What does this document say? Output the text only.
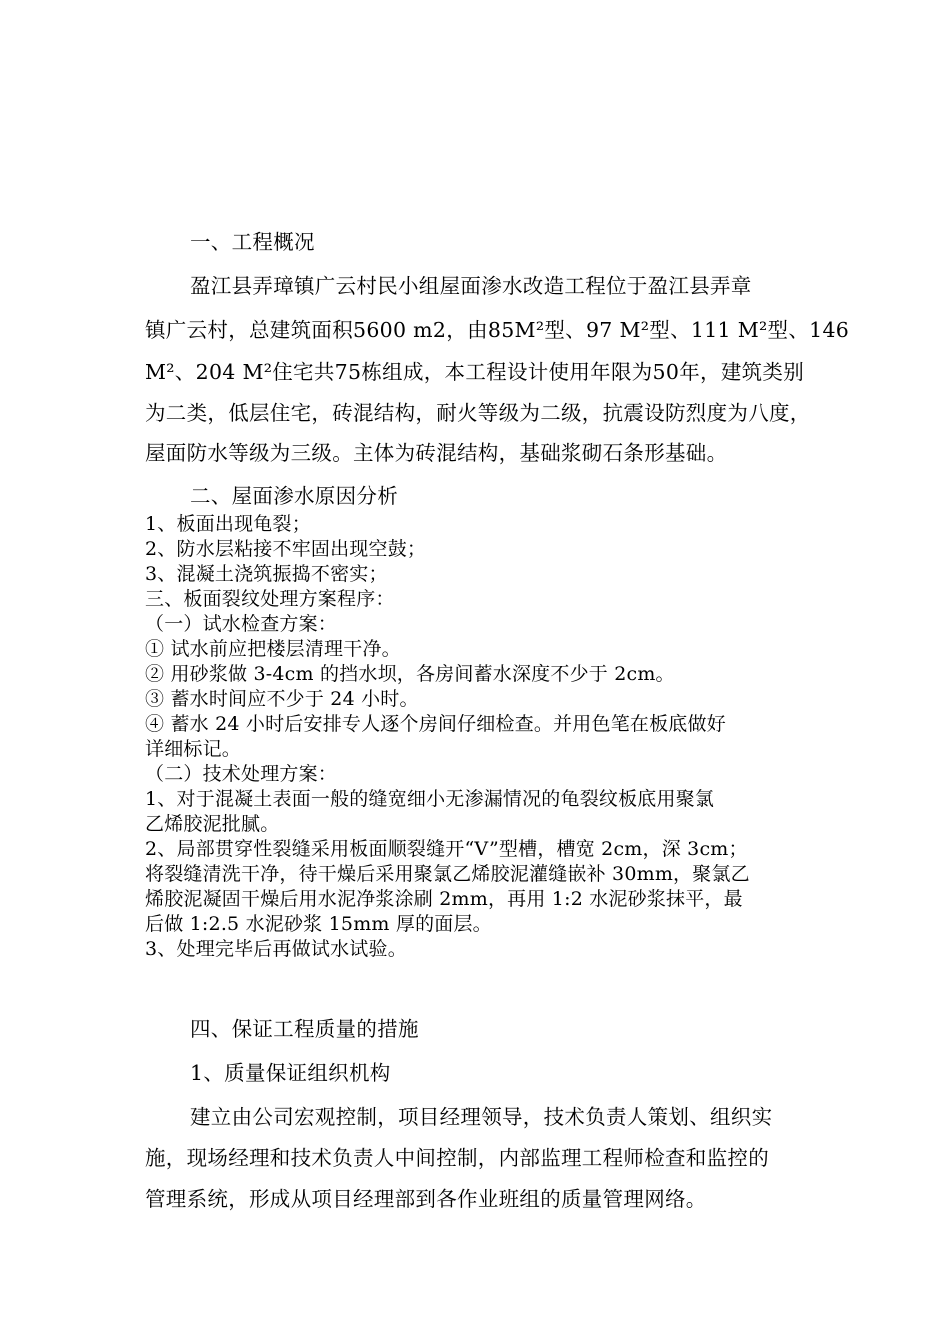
一、工程概况

盈江县弄璋镇广云村民小组屋面渗水改造工程位于盈江县弄章

镇广云村，总建筑面积5600 m2，由85M²型、97 M²型、111 M²型、146

M²、204 M²住宅共75栋组成，本工程设计使用年限为50年，建筑类别

为二类，低层住宅，砖混结构，耐火等级为二级，抗震设防烈度为八度，

屋面防水等级为三级。主体为砖混结构，基础浆砌石条形基础。

二、屋面渗水原因分析

1、板面出现龟裂；

2、防水层粘接不牢固出现空鼓；

3、混凝土浇筑振捣不密实；

三、板面裂纹处理方案程序：

（一）试水检查方案：

① 试水前应把楼层清理干净。

② 用砂浆做 3-4cm 的挡水坝，各房间蓄水深度不少于 2cm。

③ 蓄水时间应不少于 24 小时。

④ 蓄水 24 小时后安排专人逐个房间仔细检查。并用色笔在板底做好

详细标记。

（二）技术处理方案：

1、对于混凝土表面一般的缝宽细小无渗漏情况的龟裂纹板底用聚氯

乙烯胶泥批腻。

2、局部贯穿性裂缝采用板面顺裂缝开“V”型槽，槽宽 2cm，深 3cm；

将裂缝清洗干净，待干燥后采用聚氯乙烯胶泥灌缝嵌补 30mm，聚氯乙

烯胶泥凝固干燥后用水泥净浆涂刷 2mm，再用 1:2 水泥砂浆抹平，最

后做 1:2.5 水泥砂浆 15mm 厚的面层。

3、处理完毕后再做试水试验。

四、保证工程质量的措施

1、质量保证组织机构

建立由公司宏观控制，项目经理领导，技术负责人策划、组织实

施，现场经理和技术负责人中间控制，内部监理工程师检查和监控的

管理系统，形成从项目经理部到各作业班组的质量管理网络。
